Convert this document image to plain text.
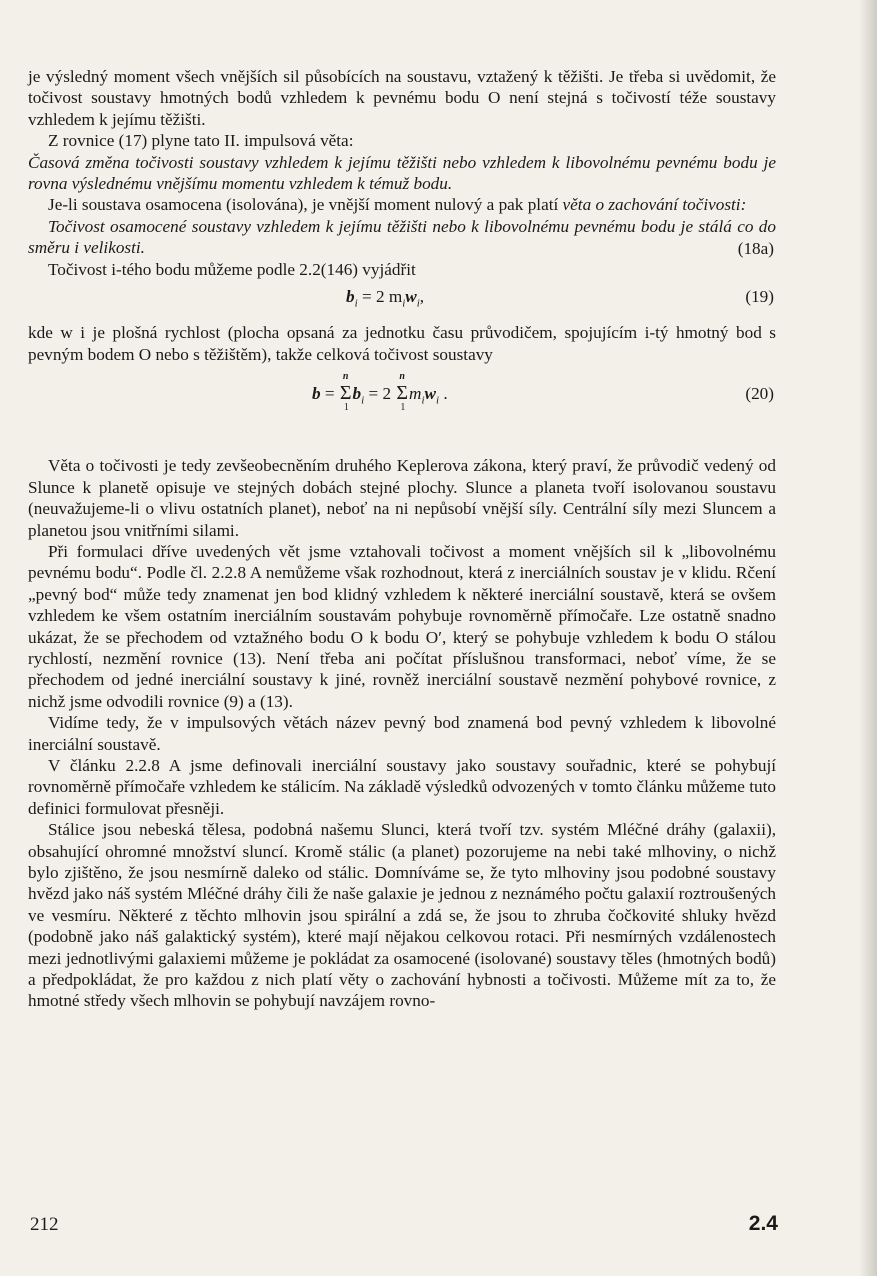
je výsledný moment všech vnějších sil působících na soustavu, vztažený k těžišti. Je třeba si uvědomit, že točivost soustavy hmotných bodů vzhledem k pevnému bodu O není stejná s točivostí téže soustavy vzhledem k jejímu těžišti.

Z rovnice (17) plyne tato II. impulsová věta:

Časová změna točivosti soustavy vzhledem k jejímu těžišti nebo vzhledem k libovolnému pevnému bodu je rovna výslednému vnějšímu momentu vzhledem k témuž bodu.

Je-li soustava osamocena (isolována), je vnější moment nulový a pak platí věta o zachování točivosti:

Točivost osamocené soustavy vzhledem k jejímu těžišti nebo k libovolnému pevnému bodu je stálá co do směru i velikosti.	(18a)

Točivost i-tého bodu můžeme podle 2.2(146) vyjádřit

$b_i = 2$ $m_iw_i$,	(19)

kde w i je plošná rychlost (plocha opsaná za jednotku času průvodičem, spojujícím i-tý hmotný bod s pevným bodem O nebo s těžištěm), takže celková točivost soustavy

b = Σ
n
1
$b_i = 2$ Σ
n
1
$m_iw_i$ .	(20)

Věta o točivosti je tedy zevšeobecněním druhého Keplerova zákona, který praví, že průvodič vedený od Slunce k planetě opisuje ve stejných dobách stejné plochy. Slunce a planeta tvoří isolovanou soustavu (neuvažujeme-li o vlivu ostatních planet), neboť na ni nepůsobí vnější síly. Centrální síly mezi Sluncem a planetou jsou vnitřními silami.

Při formulaci dříve uvedených vět jsme vztahovali točivost a moment vnějších sil k „libovolnému pevnému bodu“. Podle čl. 2.2.8 A nemůžeme však rozhodnout, která z inerciálních soustav je v klidu. Rčení „pevný bod“ může tedy znamenat jen bod klidný vzhledem k některé inerciální soustavě, která se ovšem vzhledem ke všem ostatním inerciálním soustavám pohybuje rovnoměrně přímočaře. Lze ostatně snadno ukázat, že se přechodem od vztažného bodu O k bodu O′, který se pohybuje vzhledem k bodu O stálou rychlostí, nezmění rovnice (13). Není třeba ani počítat příslušnou transformaci, neboť víme, že se přechodem od jedné inerciální soustavy k jiné, rovněž inerciální soustavě nezmění pohybové rovnice, z nichž jsme odvodili rovnice (9) a (13).

Vidíme tedy, že v impulsových větách název pevný bod znamená bod pevný vzhledem k libovolné inerciální soustavě.

V článku 2.2.8 A jsme definovali inerciální soustavy jako soustavy souřadnic, které se pohybují rovnoměrně přímočaře vzhledem ke stálicím. Na základě výsledků odvozených v tomto článku můžeme tuto definici formulovat přesněji.

Stálice jsou nebeská tělesa, podobná našemu Slunci, která tvoří tzv. systém Mléčné dráhy (galaxii), obsahující ohromné množství sluncí. Kromě stálic (a planet) pozorujeme na nebi také mlhoviny, o nichž bylo zjištěno, že jsou nesmírně daleko od stálic. Domníváme se, že tyto mlhoviny jsou podobné soustavy hvězd jako náš systém Mléčné dráhy čili že naše galaxie je jednou z neznámého počtu galaxií roztroušených ve vesmíru. Některé z těchto mlhovin jsou spirální a zdá se, že jsou to zhruba čočkovité shluky hvězd (podobně jako náš galaktický systém), které mají nějakou celkovou rotaci. Při nesmírných vzdálenostech mezi jednotlivými galaxiemi můžeme je pokládat za osamocené (isolované) soustavy těles (hmotných bodů) a předpokládat, že pro každou z nich platí věty o zachování hybnosti a točivosti. Můžeme mít za to, že hmotné středy všech mlhovin se pohybují navzájem rovno-

212	2.4
